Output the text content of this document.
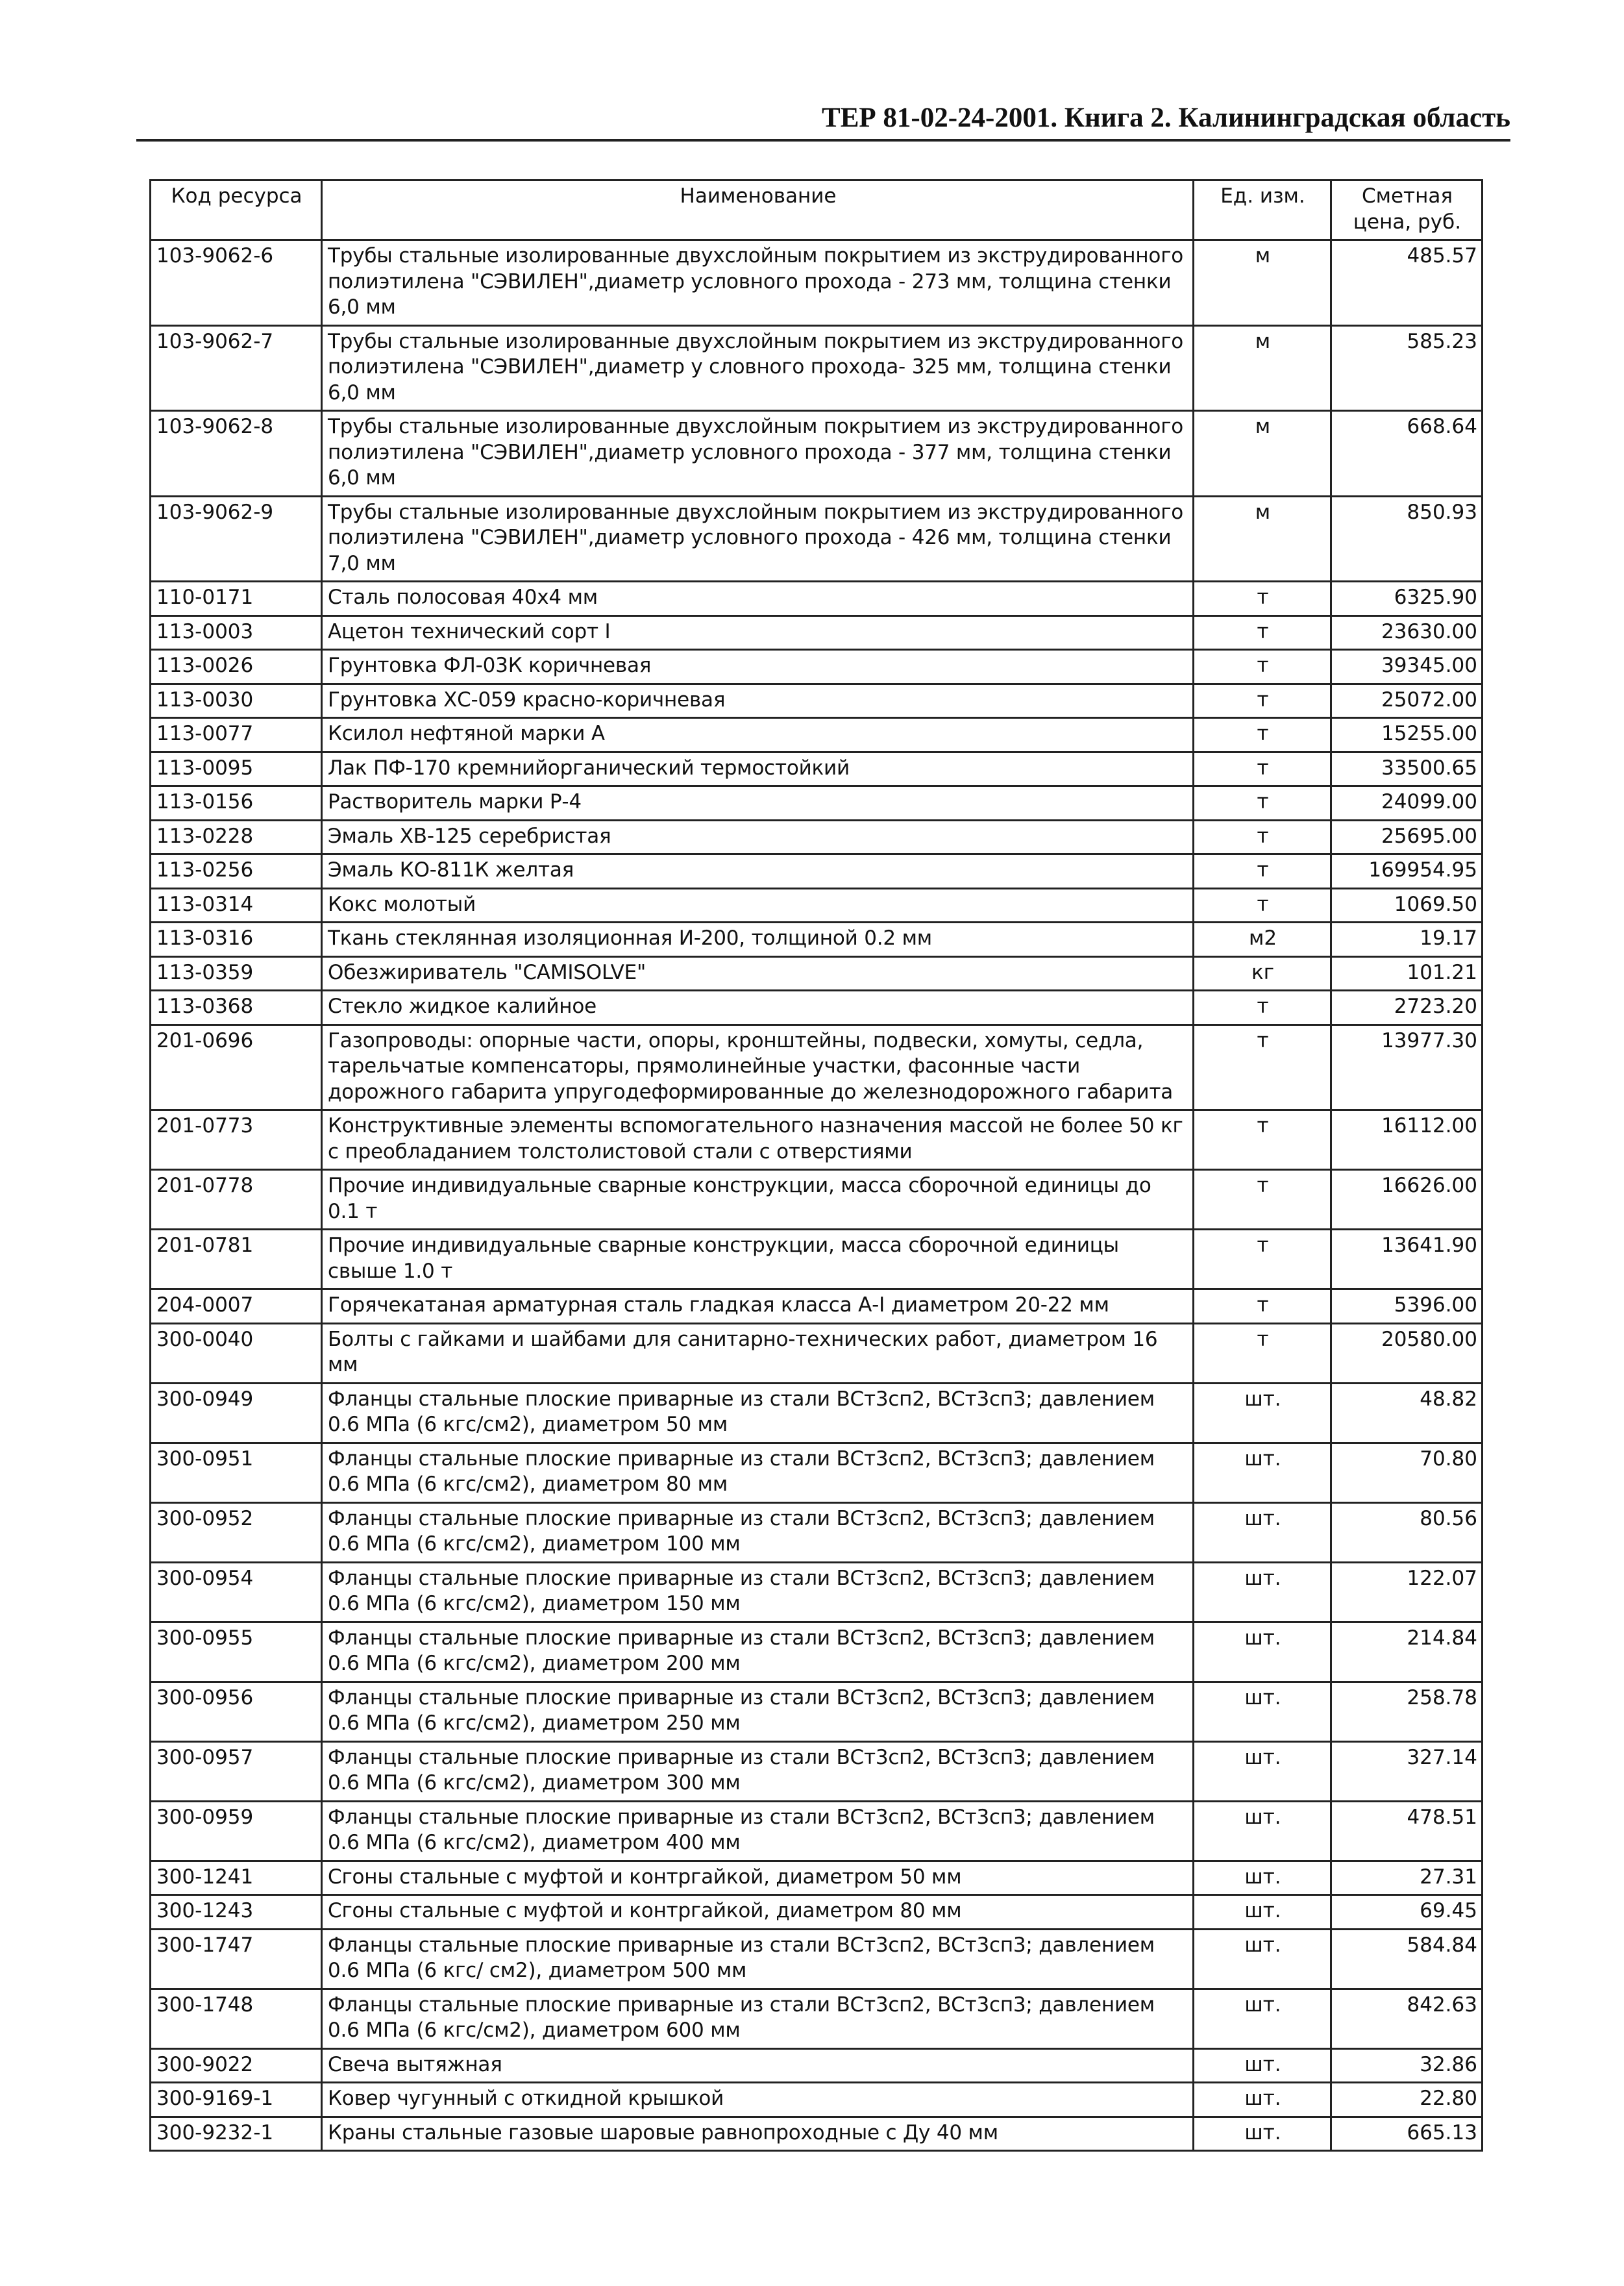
ТЕР 81-02-24-2001. Книга 2. Калининградская область
Код ресурса	Наименование	Ед. изм.	Сметная
цена, руб.
103-9062-6	Трубы стальные изолированные двухслойным покрытием из экструдированного полиэтилена "СЭВИЛЕН",диаметр условного прохода - 273 мм, толщина стенки 6,0 мм	м	485.57
103-9062-7	Трубы стальные изолированные двухслойным покрытием из экструдированного полиэтилена "СЭВИЛЕН",диаметр у словного прохода- 325 мм, толщина стенки 6,0 мм	м	585.23
103-9062-8	Трубы стальные изолированные двухслойным покрытием из экструдированного полиэтилена "СЭВИЛЕН",диаметр условного прохода - 377 мм, толщина стенки 6,0 мм	м	668.64
103-9062-9	Трубы стальные изолированные двухслойным покрытием из экструдированного полиэтилена "СЭВИЛЕН",диаметр условного прохода - 426 мм, толщина стенки 7,0 мм	м	850.93
110-0171	Сталь полосовая 40х4 мм	т	6325.90
113-0003	Ацетон технический сорт I	т	23630.00
113-0026	Грунтовка ФЛ-03К коричневая	т	39345.00
113-0030	Грунтовка ХС-059 красно-коричневая	т	25072.00
113-0077	Ксилол нефтяной марки А	т	15255.00
113-0095	Лак ПФ-170 кремнийорганический термостойкий	т	33500.65
113-0156	Растворитель марки Р-4	т	24099.00
113-0228	Эмаль ХВ-125 серебристая	т	25695.00
113-0256	Эмаль КО-811К желтая	т	169954.95
113-0314	Кокс молотый	т	1069.50
113-0316	Ткань стеклянная изоляционная И-200, толщиной 0.2 мм	м2	19.17
113-0359	Обезжириватель "CAMISOLVE"	кг	101.21
113-0368	Стекло жидкое калийное	т	2723.20
201-0696	Газопроводы: опорные части, опоры, кронштейны, подвески, хомуты, седла, тарельчатые компенсаторы, прямолинейные участки, фасонные части дорожного габарита упругодеформированные до железнодорожного габарита	т	13977.30
201-0773	Конструктивные элементы вспомогательного назначения массой не более 50 кг с преобладанием толстолистовой стали с отверстиями	т	16112.00
201-0778	Прочие индивидуальные сварные конструкции, масса сборочной единицы до 0.1 т	т	16626.00
201-0781	Прочие индивидуальные сварные конструкции, масса сборочной единицы свыше 1.0 т	т	13641.90
204-0007	Горячекатаная арматурная сталь гладкая класса А-I диаметром 20-22 мм	т	5396.00
300-0040	Болты с гайками и шайбами для санитарно-технических работ, диаметром 16 мм	т	20580.00
300-0949	Фланцы стальные плоские приварные из стали ВСт3сп2, ВСт3сп3; давлением 0.6 МПа (6 кгс/см2), диаметром 50 мм	шт.	48.82
300-0951	Фланцы стальные плоские приварные из стали ВСт3сп2, ВСт3сп3; давлением 0.6 МПа (6 кгс/см2), диаметром 80 мм	шт.	70.80
300-0952	Фланцы стальные плоские приварные из стали ВСт3сп2, ВСт3сп3; давлением 0.6 МПа (6 кгс/см2), диаметром 100 мм	шт.	80.56
300-0954	Фланцы стальные плоские приварные из стали ВСт3сп2, ВСт3сп3; давлением 0.6 МПа (6 кгс/см2), диаметром 150 мм	шт.	122.07
300-0955	Фланцы стальные плоские приварные из стали ВСт3сп2, ВСт3сп3; давлением 0.6 МПа (6 кгс/см2), диаметром 200 мм	шт.	214.84
300-0956	Фланцы стальные плоские приварные из стали ВСт3сп2, ВСт3сп3; давлением 0.6 МПа (6 кгс/см2), диаметром 250 мм	шт.	258.78
300-0957	Фланцы стальные плоские приварные из стали ВСт3сп2, ВСт3сп3; давлением 0.6 МПа (6 кгс/см2), диаметром 300 мм	шт.	327.14
300-0959	Фланцы стальные плоские приварные из стали ВСт3сп2, ВСт3сп3; давлением 0.6 МПа (6 кгс/см2), диаметром 400 мм	шт.	478.51
300-1241	Сгоны стальные с муфтой и контргайкой, диаметром 50 мм	шт.	27.31
300-1243	Сгоны стальные с муфтой и контргайкой, диаметром 80 мм	шт.	69.45
300-1747	Фланцы стальные плоские приварные из стали ВСт3сп2, ВСт3сп3; давлением 0.6 МПа (6 кгс/ см2), диаметром 500 мм	шт.	584.84
300-1748	Фланцы стальные плоские приварные из стали ВСт3сп2, ВСт3сп3; давлением 0.6 МПа (6 кгс/см2), диаметром 600 мм	шт.	842.63
300-9022	Свеча вытяжная	шт.	32.86
300-9169-1	Ковер чугунный с откидной крышкой	шт.	22.80
300-9232-1	Краны стальные газовые шаровые равнопроходные с Ду 40 мм	шт.	665.13
